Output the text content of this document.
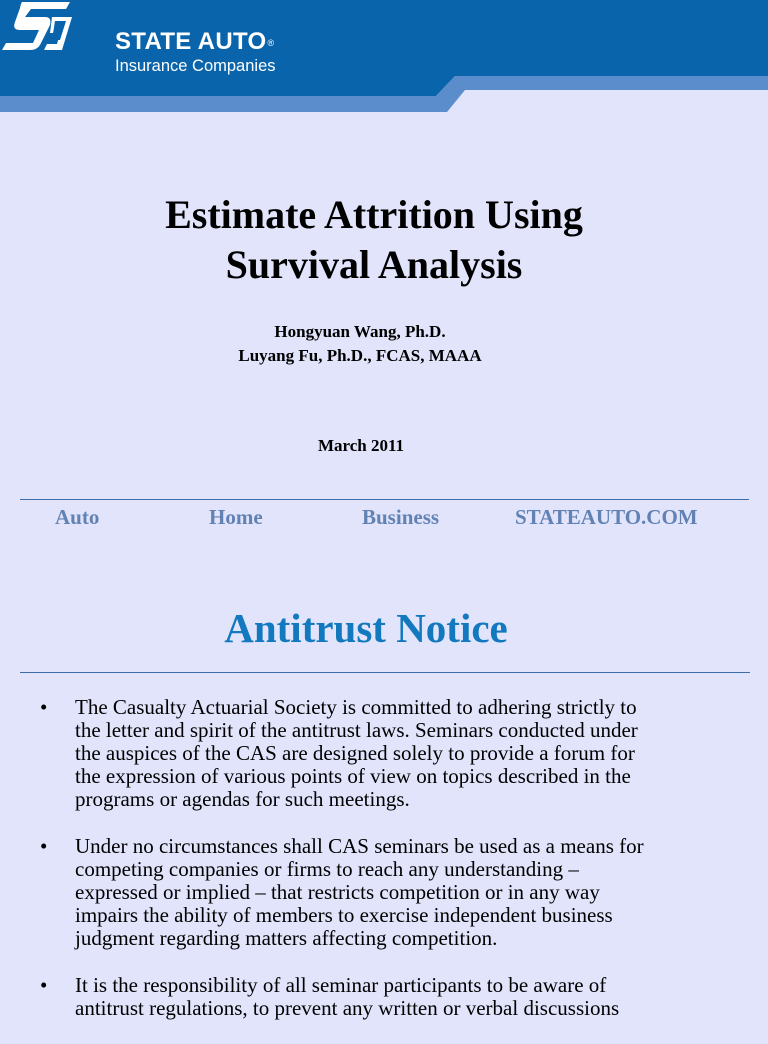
STATE AUTO®
Insurance Companies
Estimate Attrition Using
Survival Analysis
Hongyuan Wang, Ph.D.
Luyang Fu, Ph.D., FCAS, MAAA
March 2011
Auto	Home	Business	STATEAUTO.COM
Antitrust Notice
•	The Casualty Actuarial Society is committed to adhering strictly to
the letter and spirit of the antitrust laws. Seminars conducted under
the auspices of the CAS are designed solely to provide a forum for
the expression of various points of view on topics described in the
programs or agendas for such meetings.
•	Under no circumstances shall CAS seminars be used as a means for
competing companies or firms to reach any understanding –
expressed or implied – that restricts competition or in any way
impairs the ability of members to exercise independent business
judgment regarding matters affecting competition.
•	It is the responsibility of all seminar participants to be aware of
antitrust regulations, to prevent any written or verbal discussions
